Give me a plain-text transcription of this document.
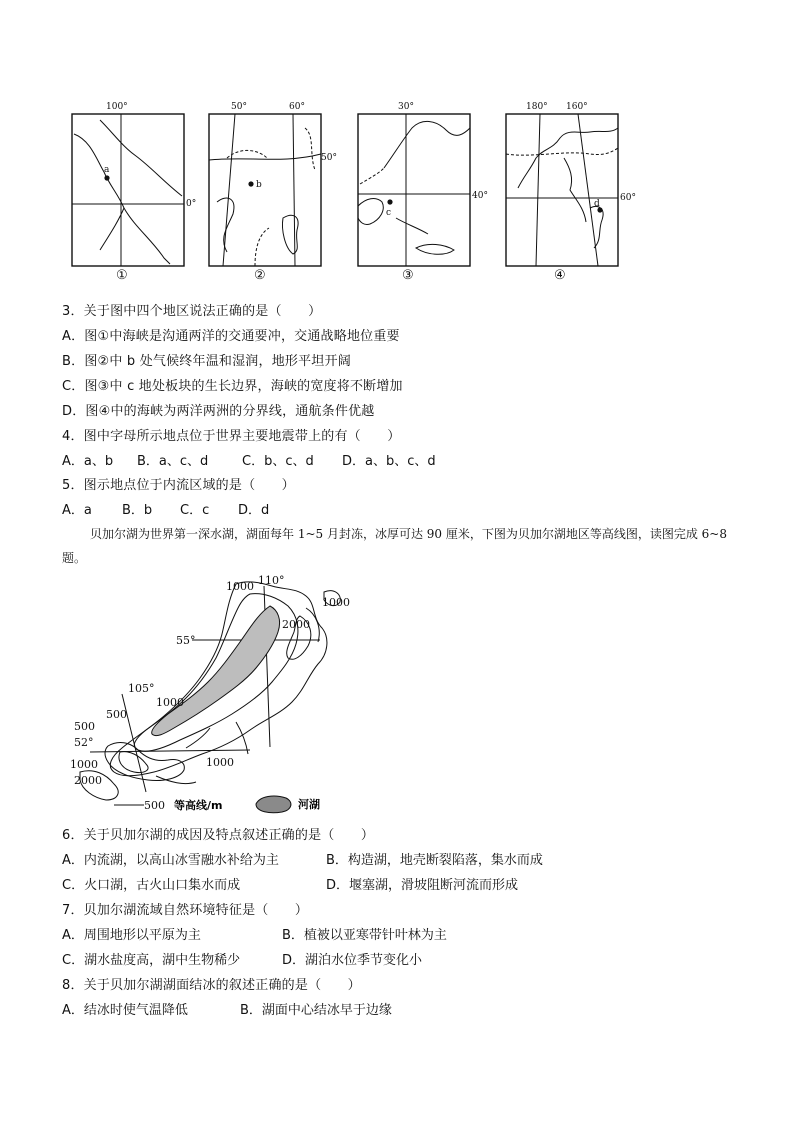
100°
0°
a
①
50°	60°
50°
b
②
30°
40°
c
③
180° 160°
60°
d
④
3．关于图中四个地区说法正确的是（　　）
A．图①中海峡是沟通两洋的交通要冲，交通战略地位重要
B．图②中 b 处气候终年温和湿润，地形平坦开阔
C．图③中 c 地处板块的生长边界，海峡的宽度将不断增加
D．图④中的海峡为两洋两洲的分界线，通航条件优越
4．图中字母所示地点位于世界主要地震带上的有（　　）
A．a、b B．a、c、d	C．b、c、d D．a、b、c、d
5．图示地点位于内流区域的是（　　）
A．a B．b C．c D．d
贝加尔湖为世界第一深水湖，湖面每年 1~5 月封冻，冰厚可达 90 厘米，下图为贝加尔湖地区等高线图，读图完成 6~8 题。
1000
1000
2000
1000
500
500
1000
2000
1000
110°
55°
105°
52°
500 等高线/m	河湖
6．关于贝加尔湖的成因及特点叙述正确的是（　　）
A．内流湖，以高山冰雪融水补给为主	B．构造湖，地壳断裂陷落，集水而成
C．火口湖，古火山口集水而成	D．堰塞湖，滑坡阻断河流而形成
7．贝加尔湖流域自然环境特征是（　　）
A．周围地形以平原为主	B．植被以亚寒带针叶林为主
C．湖水盐度高，湖中生物稀少	D．湖泊水位季节变化小
8．关于贝加尔湖湖面结冰的叙述正确的是（　　）
A．结冰时使气温降低	B．湖面中心结冰早于边缘
